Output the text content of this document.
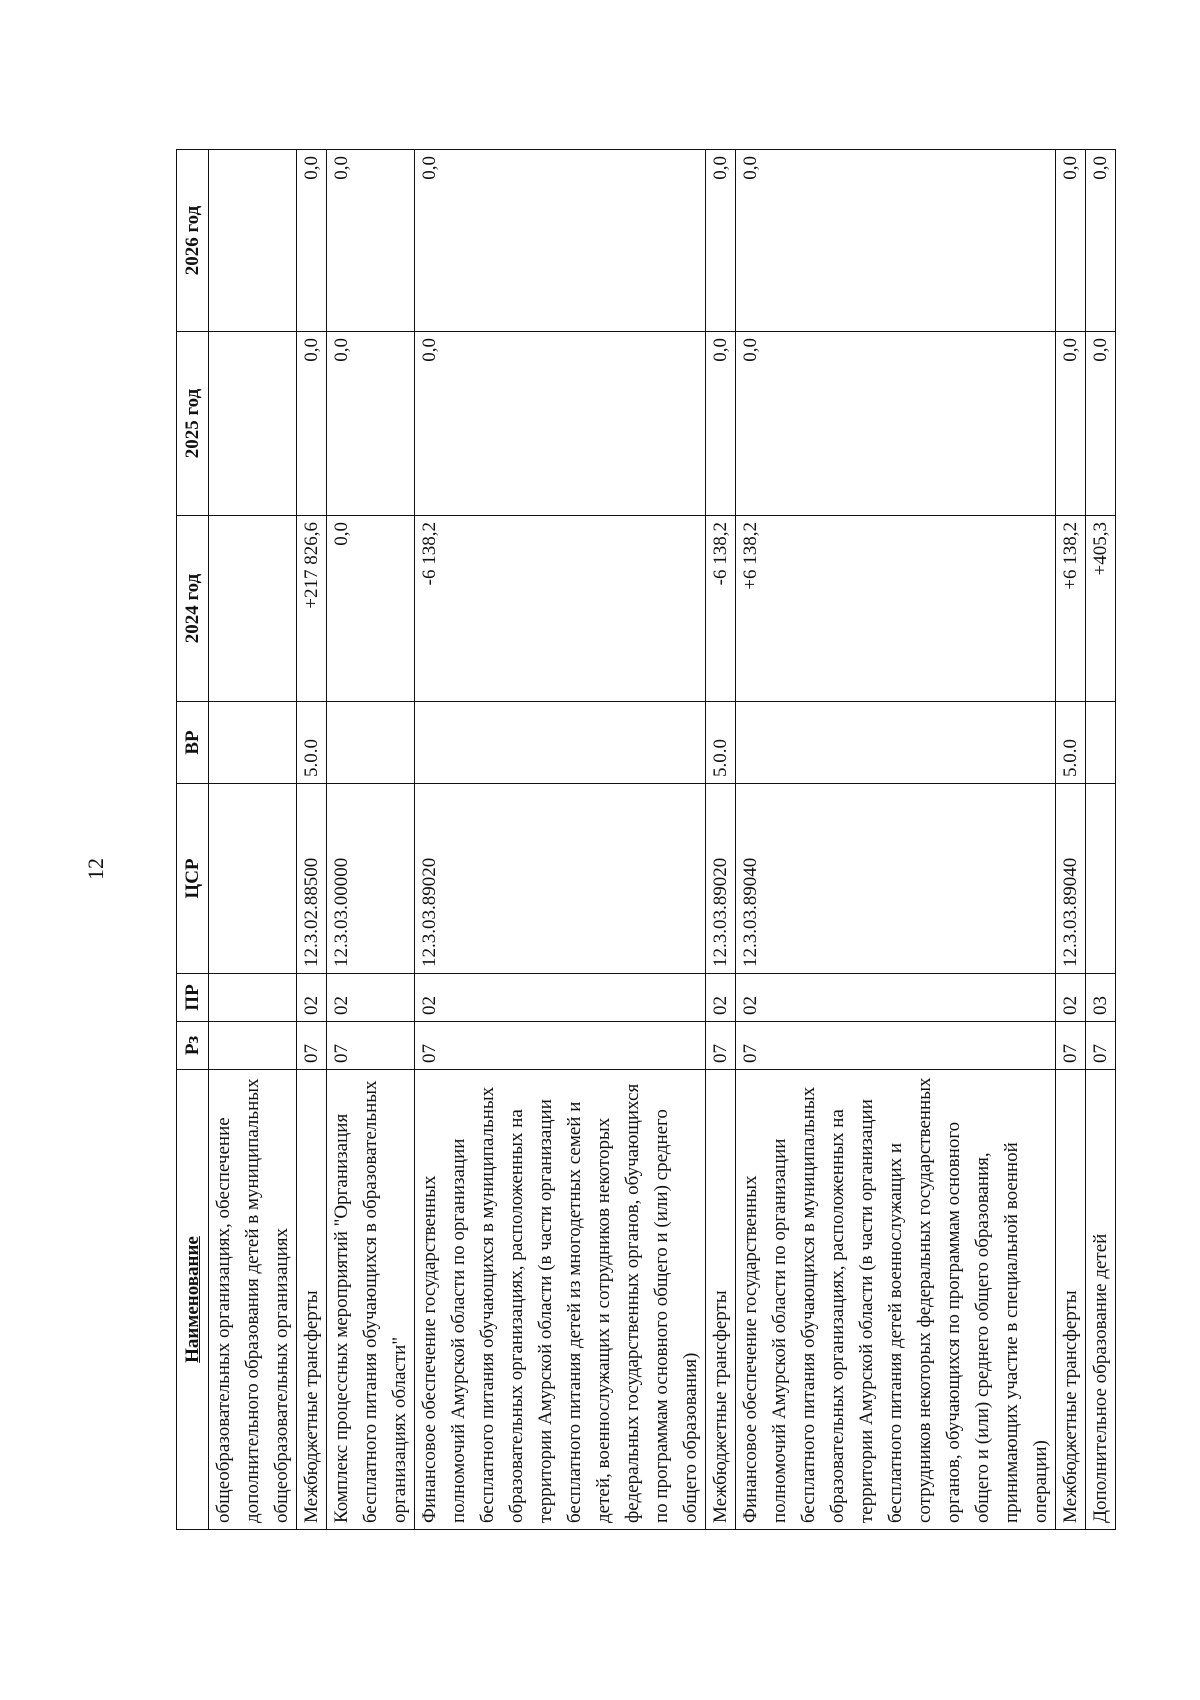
12
Наименование	Рз	ПР	ЦСР	ВР	2024 год	2025 год	2026 год
общеобразовательных организациях, обеспечение дополнительного образования детей в муниципальных общеобразовательных организациях							
Межбюджетные трансферты	07	02	12.3.02.88500	5.0.0	+217 826,6	0,0	0,0
Комплекс процессных мероприятий "Организация бесплатного питания обучающихся в образовательных организациях области"	07	02	12.3.03.00000		0,0	0,0	0,0
Финансовое обеспечение государственных полномочий Амурской области по организации бесплатного питания обучающихся в муниципальных образовательных организациях, расположенных на территории Амурской области (в части организации бесплатного питания детей из многодетных семей и детей, военнослужащих и сотрудников некоторых федеральных государственных органов, обучающихся по программам основного общего и (или) среднего общего образования)	07	02	12.3.03.89020		-6 138,2	0,0	0,0
Межбюджетные трансферты	07	02	12.3.03.89020	5.0.0	-6 138,2	0,0	0,0
Финансовое обеспечение государственных полномочий Амурской области по организации бесплатного питания обучающихся в муниципальных образовательных организациях, расположенных на территории Амурской области (в части организации бесплатного питания детей военнослужащих и сотрудников некоторых федеральных государственных органов, обучающихся по программам основного общего и (или) среднего общего образования, принимающих участие в специальной военной операции)	07	02	12.3.03.89040		+6 138,2	0,0	0,0
Межбюджетные трансферты	07	02	12.3.03.89040	5.0.0	+6 138,2	0,0	0,0
Дополнительное образование детей	07	03			+405,3	0,0	0,0
